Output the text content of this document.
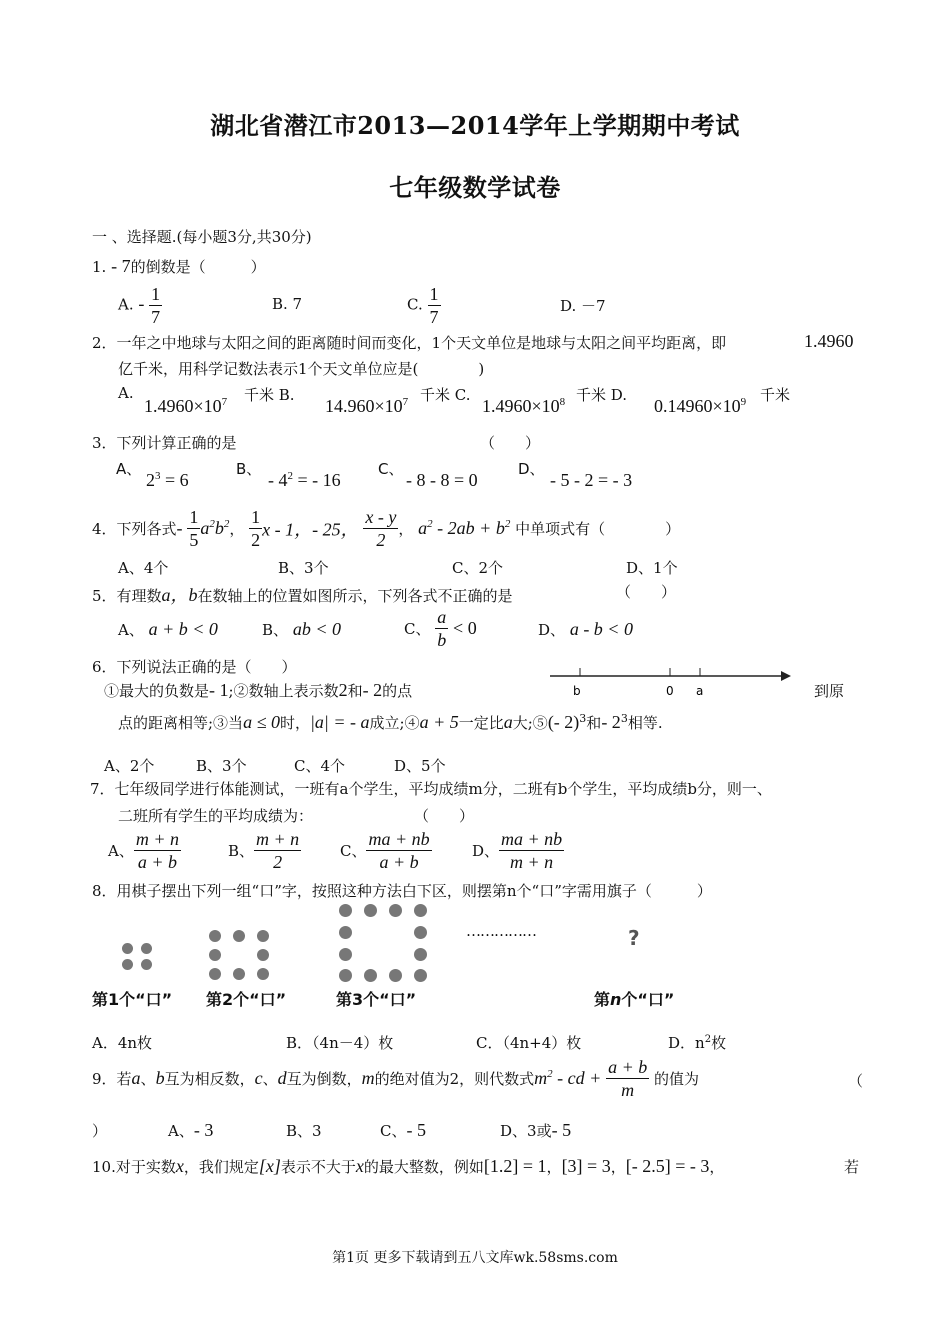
湖北省潜江市2013—2014学年上学期期中考试
七年级数学试卷
一 、选择题.(每小题3分,共30分)
1. - 7的倒数是（　　　）
A. - $\frac{1}{7}$	B. 7	C. $\frac{1}{7}$	D. －7
2．一年之中地球与太阳之间的距离随时间而变化，1个天文单位是地球与太阳之间平均距离，即	1.4960
亿千米，用科学记数法表示1个天文单位应是(　　　　)
A.
$1.4960\times 10^7$ 千米 B.
$14.960\times 10^7$ 千米 C.
$1.4960\times 10^8$ 千米 D.
$0.14960\times 10^9$ 千米
3．下列计算正确的是	（　　）
A、
$2^3 = 6$
B、
- $4^2$ = - 16
C、
- 8 - 8 = 0
D、
- 5 - 2 = - 3
4．下列各式- $\frac{1}{5} a^2b^2$， $\frac{1}{2}$ x - 1，- 25， $\frac{x - y}{2}$ ， $a^2 - 2ab + b^2$ 中单项式有（　　　　）
A、4个	B、3个	C、2个	D、1个
5．有理数a，b在数轴上的位置如图所示，下列各式不正确的是	（　　）
A、 a + b < 0	B、 ab < 0	C、 $\frac{a}{b} < 0$	D、 a - b < 0
b	0 a
6．下列说法正确的是（　　）
①最大的负数是- 1;②数轴上表示数2和- 2的点	到原
点的距离相等;③当a ≤ 0时，|a| = - a成立;④a + 5一定比a大;⑤(- 2)$^3$和- $2^3$相等.
A、2个	B、3个	C、4个	D、5个
7．七年级同学进行体能测试，一班有a个学生，平均成绩m分，二班有b个学生，平均成绩b分，则一、
二班所有学生的平均成绩为：	（　　）
A、 $\frac{m + n}{a + b}$	B、 $\frac{m + n}{2}$	C、 $\frac{ma + nb}{a + b}$	D、 $\frac{ma + nb}{m + n}$
8．用棋子摆出下列一组“口”字，按照这种方法白下区，则摆第n个“口”字需用旗子（　　　）
……………	?
第1个“口” 第2个“口”	第3个“口”	第n个“口”
A．4n枚	B．（4n－4）枚	C．（4n+4）枚	D．$n^2$枚
9．若a、b互为相反数，c、d互为倒数，m的绝对值为2，则代数式$m^2$ - cd + $\frac{a + b}{m}$ 的值为	（
）	A、- 3	B、3	C、- 5	D、3或- 5
10.对于实数x，我们规定[x]表示不大于x的最大整数，例如[1.2] = 1，[3] = 3，[- 2.5] = - 3，	若
第1页 更多下载请到五八文库wk.58sms.com
